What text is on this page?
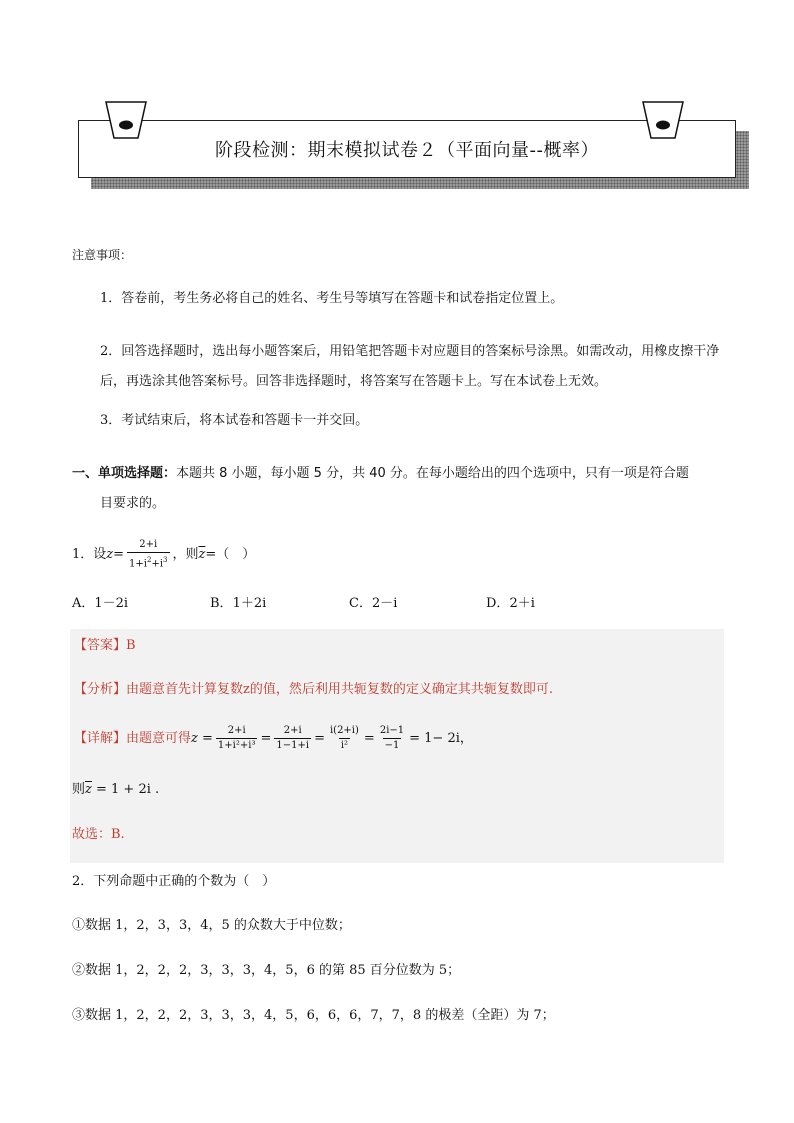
阶段检测：期末模拟试卷２（平面向量--概率）
注意事项：
1．答卷前，考生务必将自己的姓名、考生号等填写在答题卡和试卷指定位置上。
2．回答选择题时，选出每小题答案后，用铅笔把答题卡对应题目的答案标号涂黑。如需改动，用橡皮擦干净后，再选涂其他答案标号。回答非选择题时，将答案写在答题卡上。写在本试卷上无效。
3．考试结束后，将本试卷和答题卡一并交回。
一、单项选择题：本题共 8 小题，每小题 5 分，共 40 分。在每小题给出的四个选项中，只有一项是符合题
目要求的。
1．设 $z = \frac{2+i}{1+i^2+i^3}$ ，则 $\overline{z}$ =（　）
A．1－2i	B．1＋2i	C．2－i	D．2＋i
【答案】B
【分析】由题意首先计算复数z的值，然后利用共轭复数的定义确定其共轭复数即可.
【详解】 由题意可得 $z = \frac{2+i}{\text{1+i²+i³}} = \frac{2+i}{1-1+i} = \frac{i(2+i)}{\text{i²}} = \frac{2i-1}{-1} = 1- 2i$，
则$\overline{z} = 1 + 2i$ .
故选：B.
2．下列命题中正确的个数为（　）
①数据 1，2，3，3，4，5 的众数大于中位数；
②数据 1，2，2，2，3，3，3，4，5，6 的第 85 百分位数为 5；
③数据 1，2，2，2，3，3，3，4，5，6，6，6，7，7，8 的极差（全距）为 7；
